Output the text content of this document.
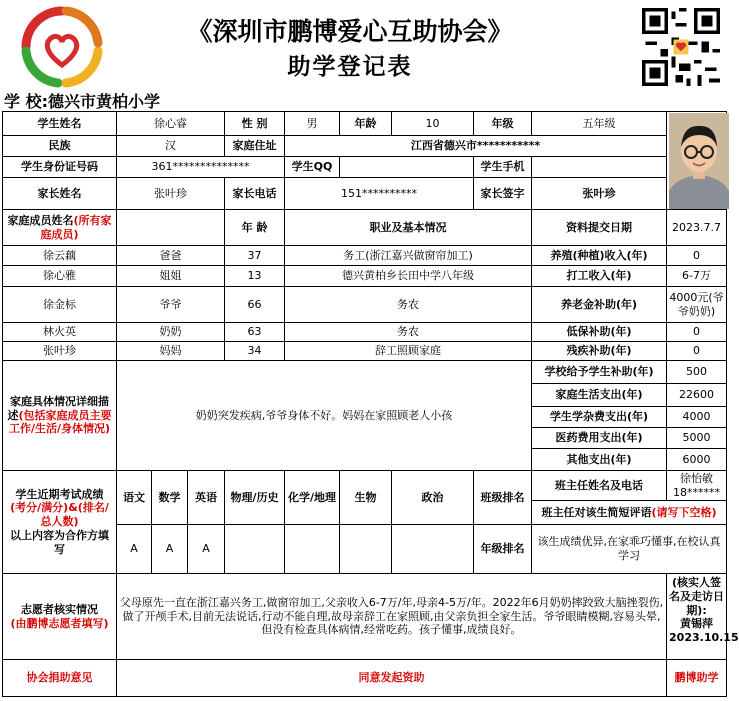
《深圳市鹏博爱心互助协会》
助学登记表
学 校:德兴市黄柏小学
学生姓名	徐心睿			性 别	男	年龄	10	年级	五年级	

民族	汉			家庭住址	江西省德兴市***********					
学生身份证号码	361**************				学生QQ			学生手机		
家长姓名	张叶珍			家长电话	151**********			家长签字	张叶珍	
家庭成员姓名(所有家庭成员)				年 龄	职业及基本情况				资料提交日期	2023.7.7
徐云藕	爸爸			37	务工(浙江嘉兴做窗帘加工)				养殖(种植)收入(年)	0
徐心雅	姐姐			13	德兴黄柏乡长田中学八年级				打工收入(年)	6-7万
徐金标	爷爷			66	务农				养老金补助(年)	4000元(爷爷奶奶)
林火英	奶奶			63	务农				低保补助(年)	0
张叶珍	妈妈			34	辞工照顾家庭				残疾补助(年)	0
家庭具体情况详细描述(包括家庭成员主要工作/生活/身体情况)	奶奶突发疾病,爷爷身体不好。妈妈在家照顾老人小孩								学校给予学生补助(年)	500
									家庭生活支出(年)	22600
									学生学杂费支出(年)	4000
									医药费用支出(年)	5000
									其他支出(年)	6000
学生近期考试成绩
(考分/满分)&(排名/总人数)
以上内容为合作方填写	语文	数学	英语	物理/历史	化学/地理	生物	政治	班级排名	班主任姓名及电话	徐怡敏18******
									班主任对该生简短评语(请写下空格)	
	A	A	A					年级排名	该生成绩优异,在家乖巧懂事,在校认真学习	
志愿者核实情况
(由鹏博志愿者填写)	父母原先一直在浙江嘉兴务工,做窗帘加工,父亲收入6-7万/年,母亲4-5万/年。2022年6月奶奶摔跤致大脑挫裂伤,做了开颅手术,目前无法说话,行动不能自理,故母亲辞工在家照顾,由父亲负担全家生活。爷爷眼睛模糊,容易头晕,但没有检查具体病情,经常吃药。孩子懂事,成绩良好。									(核实人签名及走访日期):
黄锡萍
2023.10.15
协会捐助意见	同意发起资助									鹏博助学
